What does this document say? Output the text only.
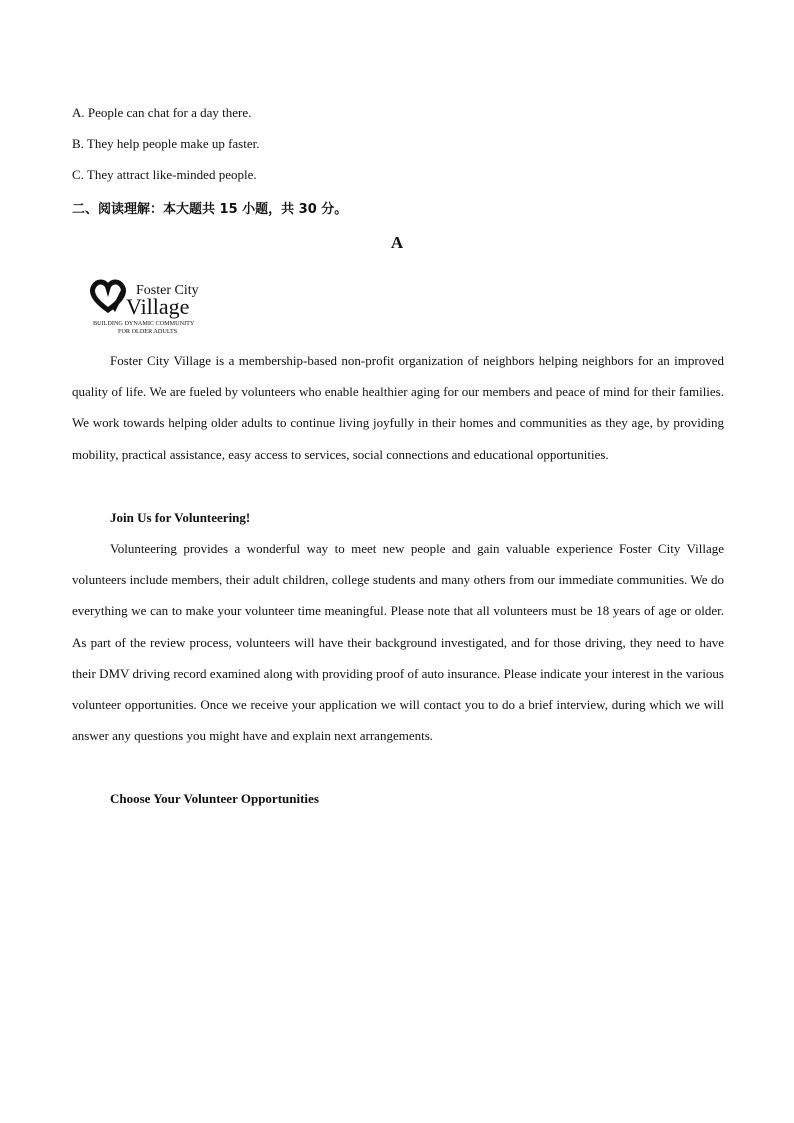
A. People can chat for a day there.
B. They help people make up faster.
C. They attract like-minded people.
二、阅读理解：本大题共 15 小题，共 30 分。
A
Foster City
Village
BUILDING DYNAMIC COMMUNITY
FOR OLDER ADULTS

Foster City Village is a membership-based non-profit organization of neighbors helping neighbors for an improved quality of life. We are fueled by volunteers who enable healthier aging for our members and peace of mind for their families. We work towards helping older adults to continue living joyfully in their homes and communities as they age, by providing mobility, practical assistance, easy access to services, social connections and educational opportunities.

Join Us for Volunteering!

Volunteering provides a wonderful way to meet new people and gain valuable experience Foster City Village volunteers include members, their adult children, college students and many others from our immediate communities. We do everything we can to make your volunteer time meaningful. Please note that all volunteers must be 18 years of age or older. As part of the review process, volunteers will have their background investigated, and for those driving, they need to have their DMV driving record examined along with providing proof of auto insurance. Please indicate your interest in the various volunteer opportunities. Once we receive your application we will contact you to do a brief interview, during which we will answer any questions you might have and explain next arrangements.

Choose Your Volunteer Opportunities
